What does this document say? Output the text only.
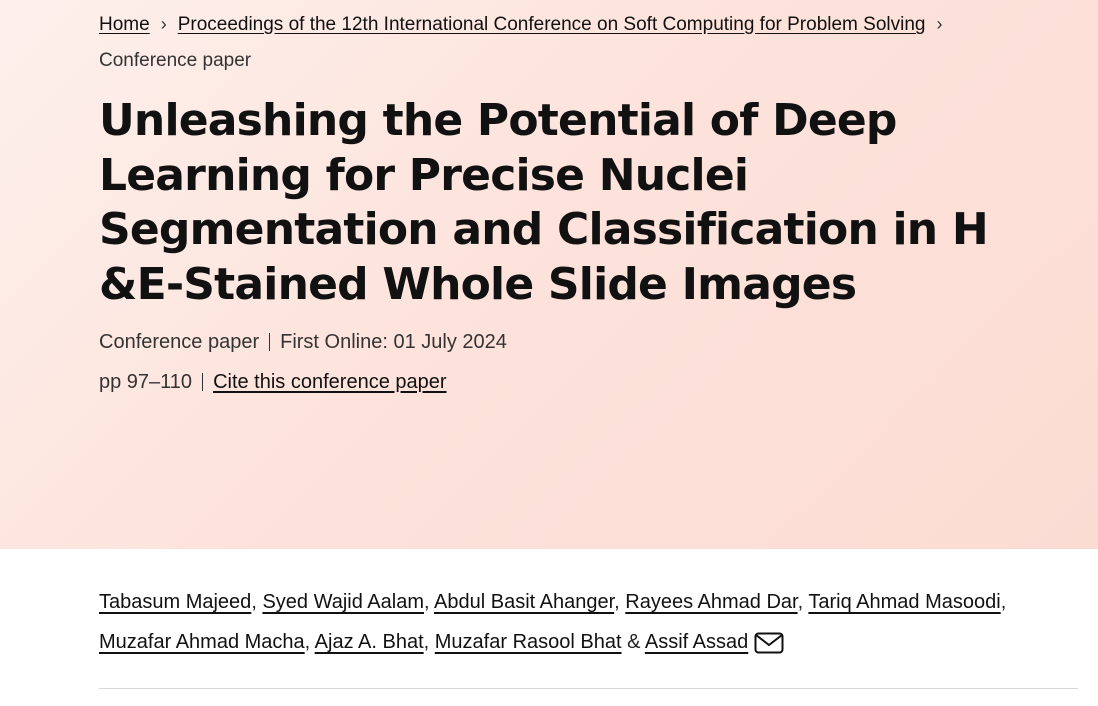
Home › Proceedings of the 12th International Conference on Soft Computing for Problem Solving ›
Conference paper
Unleashing the Potential of Deep Learning for Precise Nuclei Segmentation and Classification in H &E-Stained Whole Slide Images
Conference paper First Online: 01 July 2024
pp 97–110 Cite this conference paper
Tabasum Majeed, Syed Wajid Aalam, Abdul Basit Ahanger, Rayees Ahmad Dar, Tariq Ahmad Masoodi,
Muzafar Ahmad Macha, Ajaz A. Bhat, Muzafar Rasool Bhat & Assif Assad
